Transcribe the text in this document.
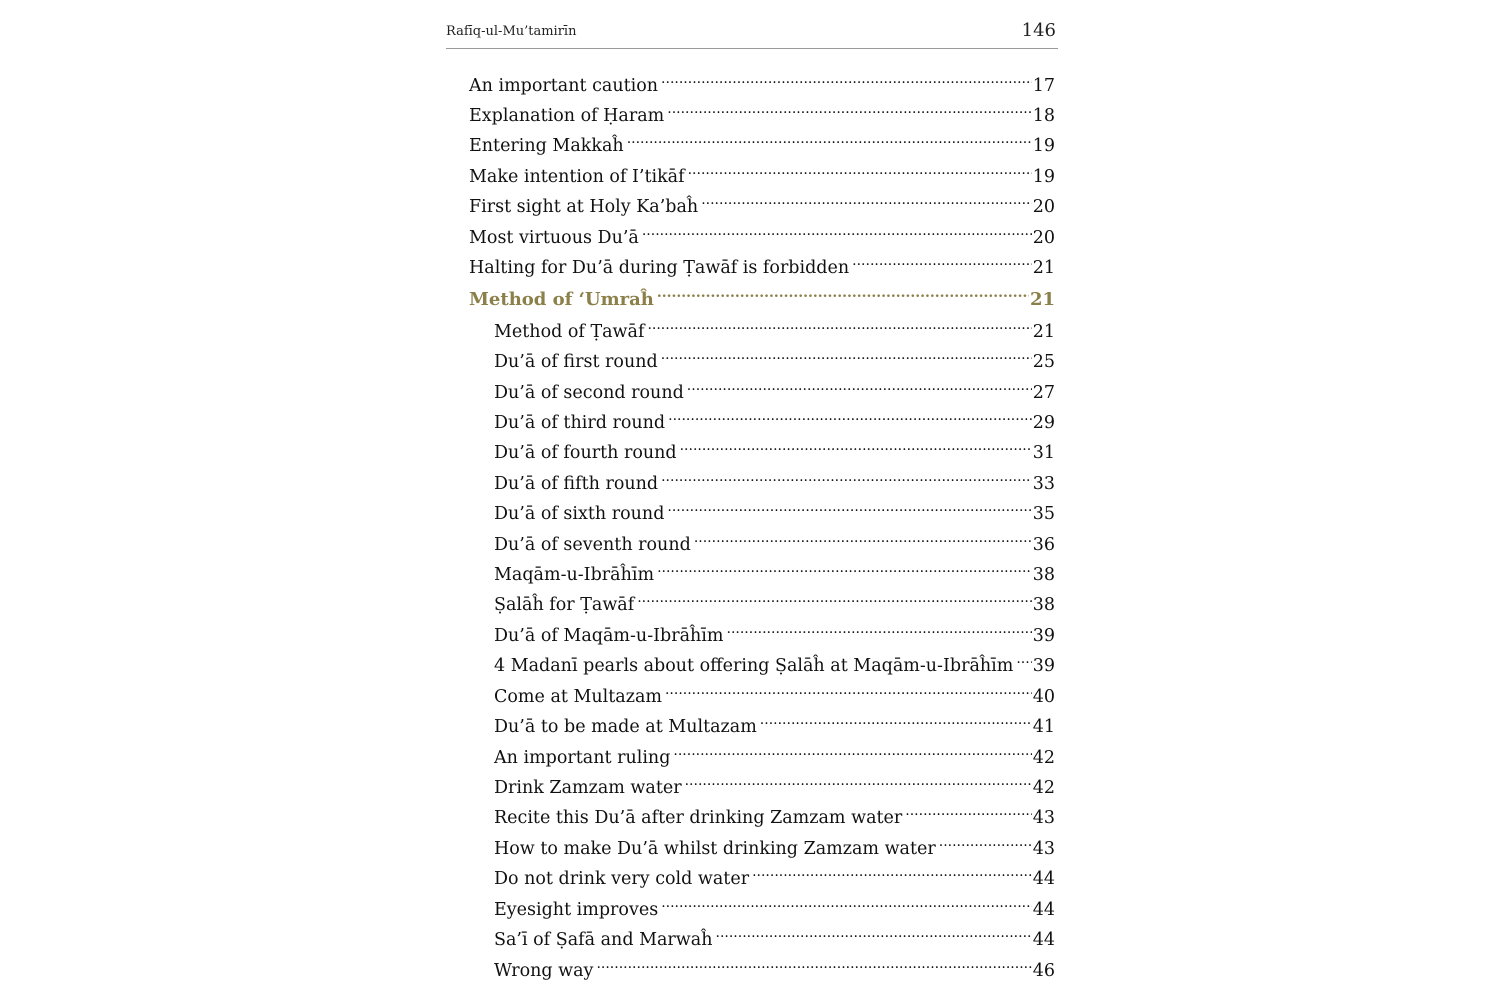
Rafīq-ul-Mu’tamirīn	146
An important caution .....	17
Explanation of Ḥaram .....	18
Entering Makkaĥ .....	19
Make intention of I’tikāf .....	19
First sight at Holy Ka’baĥ .....	20
Most virtuous Du’ā .....	20
Halting for Du’ā during Ṭawāf is forbidden .....	21
Method of ‘Umraĥ .....	21
Method of Ṭawāf .....	21
Du’ā of first round .....	25
Du’ā of second round .....	27
Du’ā of third round .....	29
Du’ā of fourth round .....	31
Du’ā of fifth round .....	33
Du’ā of sixth round .....	35
Du’ā of seventh round .....	36
Maqām-u-Ibrāĥīm .....	38
Ṣalāĥ for Ṭawāf .....	38
Du’ā of Maqām-u-Ibrāĥīm .....	39
4 Madanī pearls about offering Ṣalāĥ at Maqām-u-Ibrāĥīm ..... 39
Come at Multazam .....	40
Du’ā to be made at Multazam .....	41
An important ruling .....	42
Drink Zamzam water .....	42
Recite this Du’ā after drinking Zamzam water .....	43
How to make Du’ā whilst drinking Zamzam water .....	43
Do not drink very cold water .....	44
Eyesight improves .....	44
Sa’ī of Ṣafā and Marwaĥ .....	44
Wrong way .....	46
